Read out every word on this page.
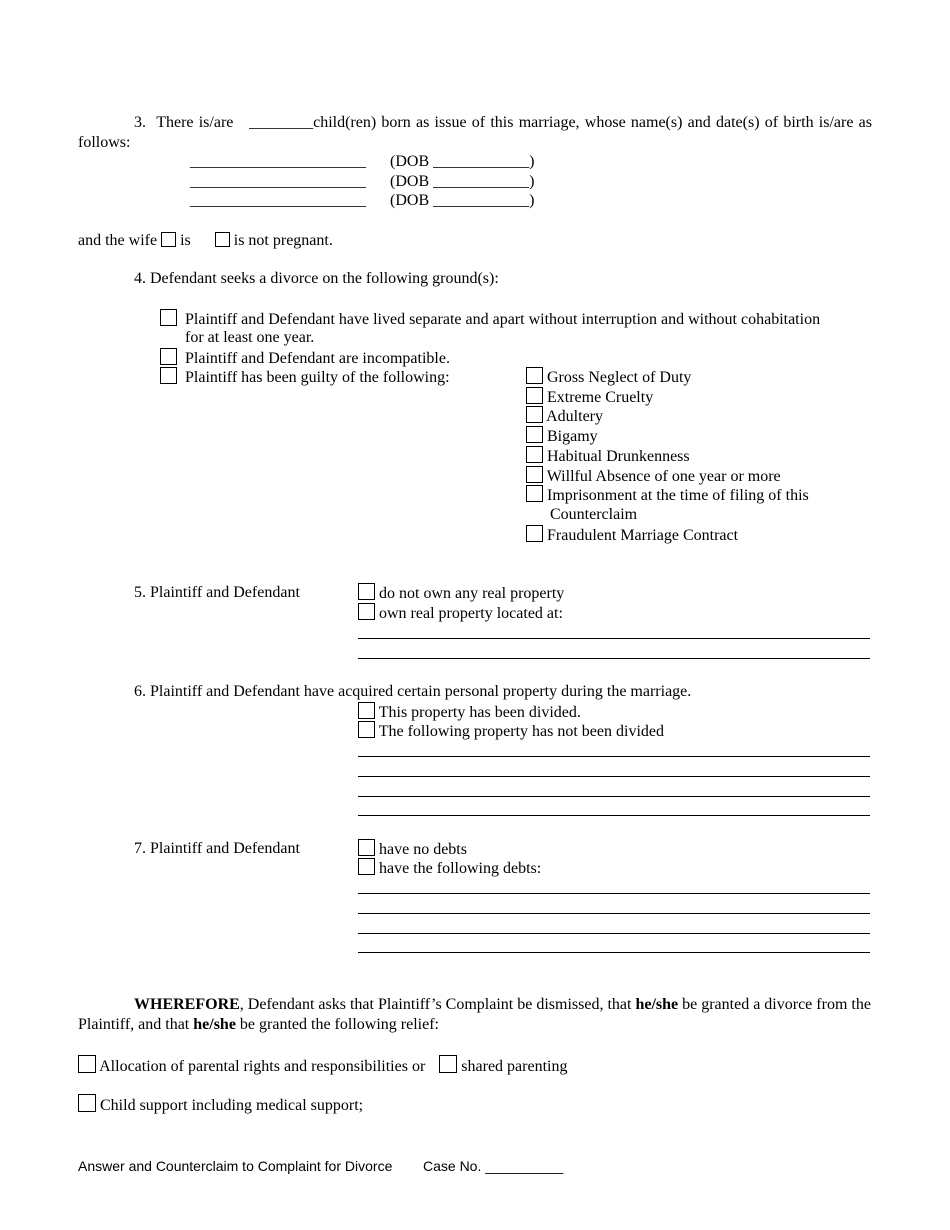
3. There is/are ________child(ren) born as issue of this marriage, whose name(s) and date(s) of birth is/are as follows:
______________________ (DOB ____________)
______________________ (DOB ____________)
______________________ (DOB ____________)
and the wife is	is not pregnant.
4. Defendant seeks a divorce on the following ground(s):
Plaintiff and Defendant have lived separate and apart without interruption and without cohabitation
for at least one year.
Plaintiff and Defendant are incompatible.
Plaintiff has been guilty of the following:	Gross Neglect of Duty
Extreme Cruelty
Adultery
Bigamy
Habitual Drunkenness
Willful Absence of one year or more
Imprisonment at the time of filing of this
Counterclaim
Fraudulent Marriage Contract
5. Plaintiff and Defendant	do not own any real property
own real property located at:
6. Plaintiff and Defendant have acquired certain personal property during the marriage.
This property has been divided.
The following property has not been divided
7. Plaintiff and Defendant	have no debts
have the following debts:
WHEREFORE, Defendant asks that Plaintiff’s Complaint be dismissed, that he/she be granted a divorce from the Plaintiff, and that he/she be granted the following relief:
Allocation of parental rights and responsibilities or shared parenting
Child support including medical support;
Answer and Counterclaim to Complaint for Divorce Case No. __________
